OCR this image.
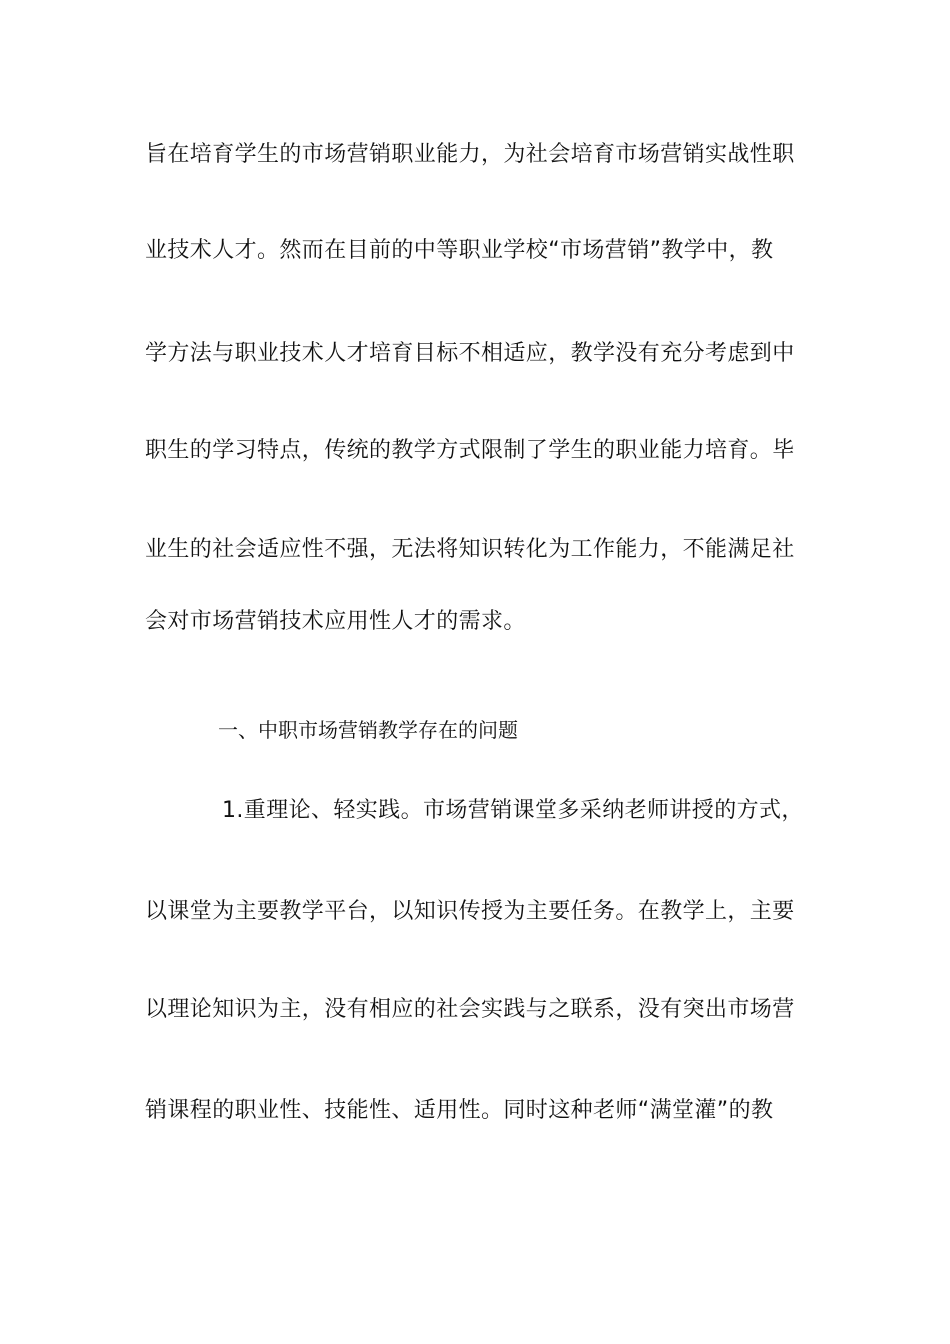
旨在培育学生的市场营销职业能力，为社会培育市场营销实战性职
业技术人才。然而在目前的中等职业学校“市场营销”教学中，教
学方法与职业技术人才培育目标不相适应，教学没有充分考虑到中
职生的学习特点，传统的教学方式限制了学生的职业能力培育。毕
业生的社会适应性不强，无法将知识转化为工作能力，不能满足社
会对市场营销技术应用性人才的需求。
一、中职市场营销教学存在的问题
1.重理论、轻实践。市场营销课堂多采纳老师讲授的方式，
以课堂为主要教学平台，以知识传授为主要任务。在教学上，主要
以理论知识为主，没有相应的社会实践与之联系，没有突出市场营
销课程的职业性、技能性、适用性。同时这种老师“满堂灌”的教
